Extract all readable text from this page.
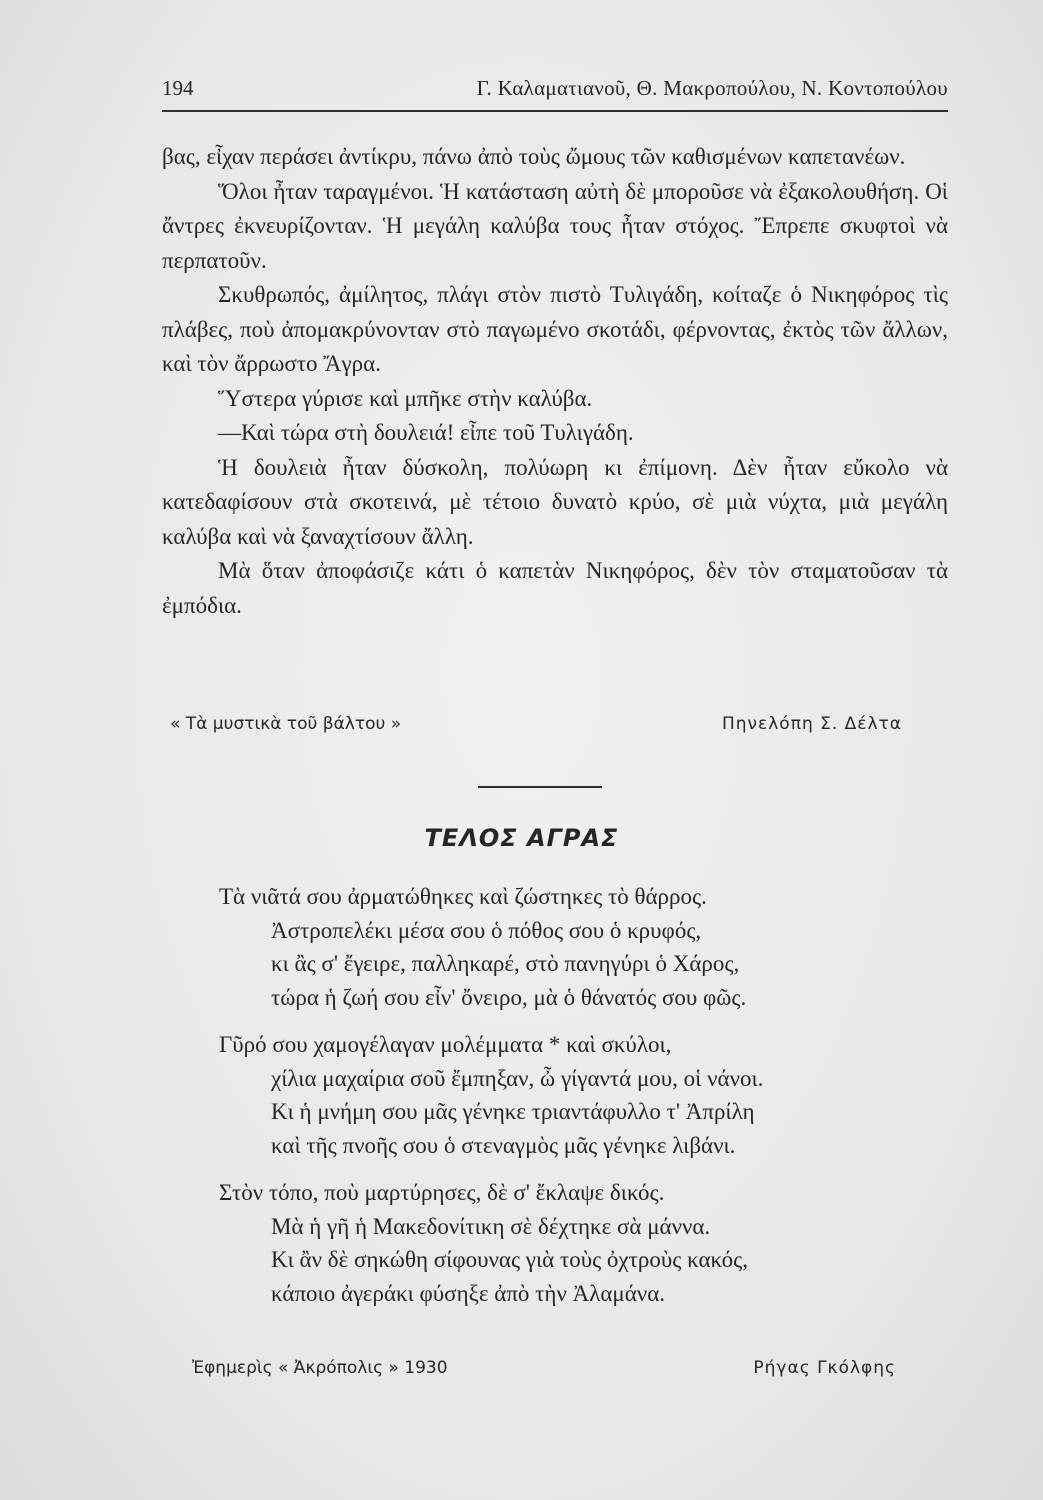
194	Γ. Καλαματιανοῦ, Θ. Μακροπούλου, Ν. Κοντοπούλου

βας, εἶχαν περάσει ἀντίκρυ, πάνω ἀπὸ τοὺς ὤμους τῶν καθισμένων καπετανέων.

Ὅλοι ἦταν ταραγμένοι. Ἡ κατάσταση αὐτὴ δὲ μποροῦσε νὰ ἐξακολουθήση. Οἱ ἄντρες ἐκνευρίζονταν. Ἡ μεγάλη καλύβα τους ἦταν στόχος. Ἔπρεπε σκυφτοὶ νὰ περπατοῦν.

Σκυθρωπός, ἀμίλητος, πλάγι στὸν πιστὸ Τυλιγάδη, κοίταζε ὁ Νικηφόρος τὶς πλάβες, ποὺ ἀπομακρύνονταν στὸ παγωμένο σκοτάδι, φέρνοντας, ἐκτὸς τῶν ἄλλων, καὶ τὸν ἄρρωστο Ἄγρα.

Ὕστερα γύρισε καὶ μπῆκε στὴν καλύβα.

—Καὶ τώρα στὴ δουλειά! εἶπε τοῦ Τυλιγάδη.

Ἡ δουλειὰ ἦταν δύσκολη, πολύωρη κι ἐπίμονη. Δὲν ἦταν εὔκολο νὰ κατεδαφίσουν στὰ σκοτεινά, μὲ τέτοιο δυνατὸ κρύο, σὲ μιὰ νύχτα, μιὰ μεγάλη καλύβα καὶ νὰ ξαναχτίσουν ἄλλη.

Μὰ ὅταν ἀποφάσιζε κάτι ὁ καπετὰν Νικηφόρος, δὲν τὸν σταματοῦσαν τὰ ἐμπόδια.

« Τὰ μυστικὰ τοῦ βάλτου »	Πηνελόπη Σ. Δέλτα
ΤΕΛΟΣ ΑΓΡΑΣ
Τὰ νιᾶτά σου ἀρματώθηκες καὶ ζώστηκες τὸ θάρρος.
Ἀστροπελέκι μέσα σου ὁ πόθος σου ὁ κρυφός,
κι ἂς σ' ἔγειρε, παλληκαρέ, στὸ πανηγύρι ὁ Χάρος,
τώρα ἡ ζωή σου εἶν' ὄνειρο, μὰ ὁ θάνατός σου φῶς.
Γῦρό σου χαμογέλαγαν μολέμματα * καὶ σκύλοι,
χίλια μαχαίρια σοῦ ἔμπηξαν, ὦ γίγαντά μου, οἱ νάνοι.
Κι ἡ μνήμη σου μᾶς γένηκε τριαντάφυλλο τ' Ἀπρίλη
καὶ τῆς πνοῆς σου ὁ στεναγμὸς μᾶς γένηκε λιβάνι.
Στὸν τόπο, ποὺ μαρτύρησες, δὲ σ' ἔκλαψε δικός.
Μὰ ἡ γῆ ἡ Μακεδονίτικη σὲ δέχτηκε σὰ μάννα.
Κι ἂν δὲ σηκώθη σίφουνας γιὰ τοὺς ὀχτροὺς κακός,
κάποιο ἀγεράκι φύσηξε ἀπὸ τὴν Ἀλαμάνα.
Ἐφημερὶς « Ἀκρόπολις » 1930	Ρήγας Γκόλφης
